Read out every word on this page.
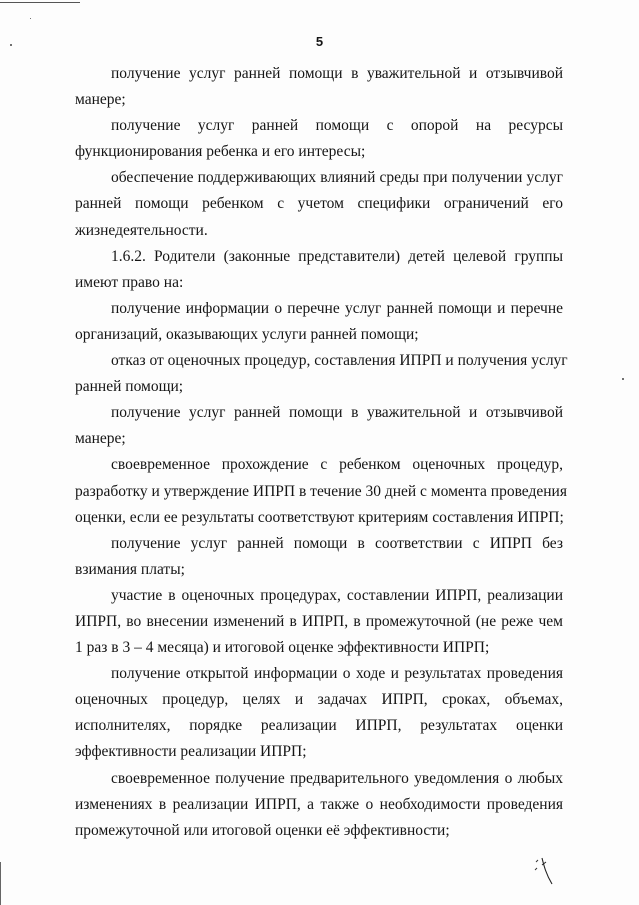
5

получение услуг ранней помощи в уважительной и отзывчивой
манере;

получение услуг ранней помощи с опорой на ресурсы
функционирования ребенка и его интересы;

обеспечение поддерживающих влияний среды при получении услуг
ранней помощи ребенком с учетом специфики ограничений его
жизнедеятельности.

1.6.2. Родители (законные представители) детей целевой группы
имеют право на:

получение информации о перечне услуг ранней помощи и перечне
организаций, оказывающих услуги ранней помощи;

отказ от оценочных процедур, составления ИПРП и получения услуг
ранней помощи;

получение услуг ранней помощи в уважительной и отзывчивой
манере;

своевременное прохождение с ребенком оценочных процедур,
разработку и утверждение ИПРП в течение 30 дней с момента проведения
оценки, если ее результаты соответствуют критериям составления ИПРП;

получение услуг ранней помощи в соответствии с ИПРП без
взимания платы;

участие в оценочных процедурах, составлении ИПРП, реализации
ИПРП, во внесении изменений в ИПРП, в промежуточной (не реже чем
1 раз в 3 – 4 месяца) и итоговой оценке эффективности ИПРП;

получение открытой информации о ходе и результатах проведения
оценочных процедур, целях и задачах ИПРП, сроках, объемах,
исполнителях, порядке реализации ИПРП, результатах оценки
эффективности реализации ИПРП;

своевременное получение предварительного уведомления о любых
изменениях в реализации ИПРП, а также о необходимости проведения
промежуточной или итоговой оценки её эффективности;
